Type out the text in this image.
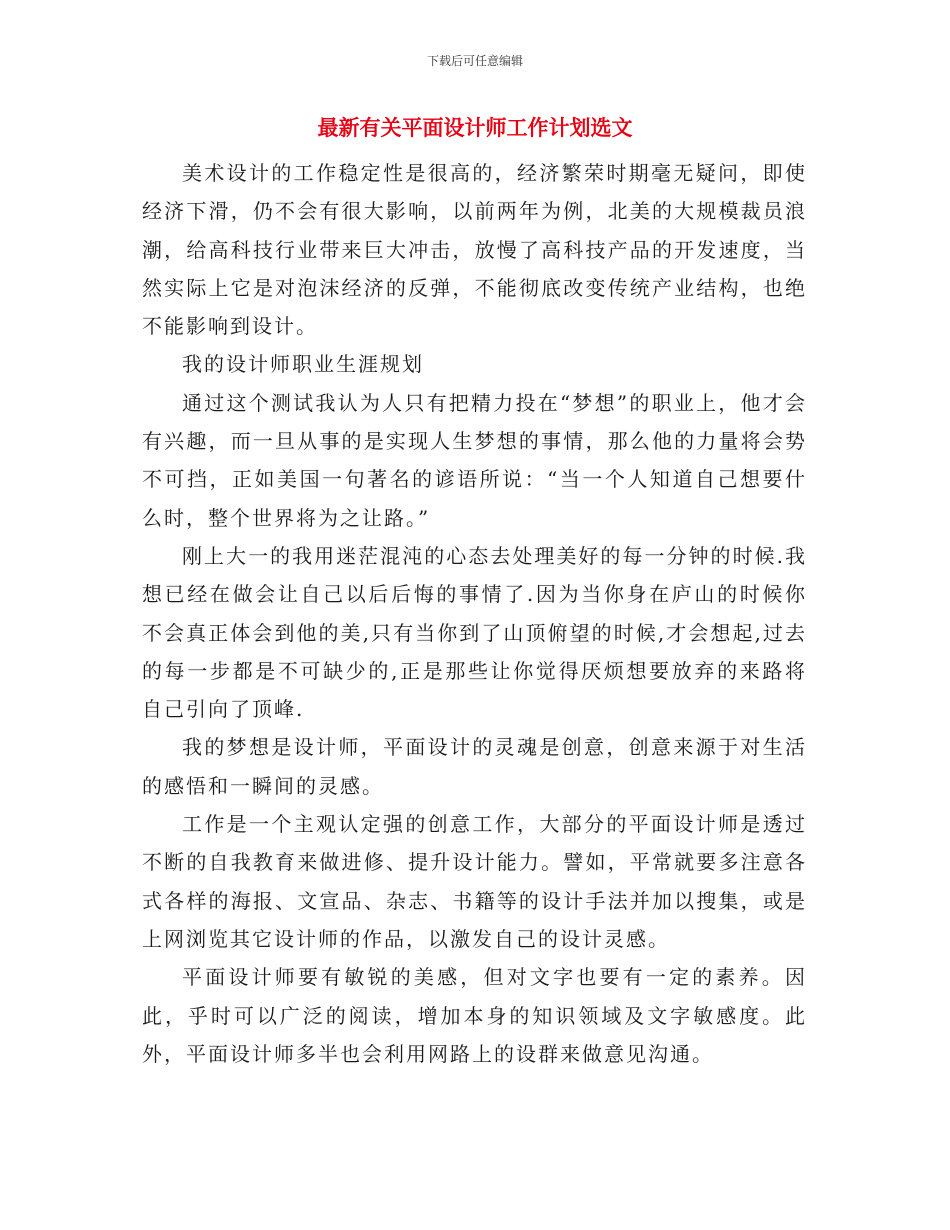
下载后可任意编辑
最新有关平面设计师工作计划选文

美术设计的工作稳定性是很高的，经济繁荣时期毫无疑问，即使经济下滑，仍不会有很大影响，以前两年为例，北美的大规模裁员浪潮，给高科技行业带来巨大冲击，放慢了高科技产品的开发速度，当然实际上它是对泡沫经济的反弹，不能彻底改变传统产业结构，也绝不能影响到设计。

我的设计师职业生涯规划

通过这个测试我认为人只有把精力投在“梦想”的职业上，他才会有兴趣，而一旦从事的是实现人生梦想的事情，那么他的力量将会势不可挡，正如美国一句著名的谚语所说：“当一个人知道自己想要什么时，整个世界将为之让路。”

刚上大一的我用迷茫混沌的心态去处理美好的每一分钟的时候.我想已经在做会让自己以后后悔的事情了.因为当你身在庐山的时候你不会真正体会到他的美,只有当你到了山顶俯望的时候,才会想起,过去的每一步都是不可缺少的,正是那些让你觉得厌烦想要放弃的来路将自己引向了顶峰.

我的梦想是设计师，平面设计的灵魂是创意，创意来源于对生活的感悟和一瞬间的灵感。

工作是一个主观认定强的创意工作，大部分的平面设计师是透过不断的自我教育来做进修、提升设计能力。譬如，平常就要多注意各式各样的海报、文宣品、杂志、书籍等的设计手法并加以搜集，或是上网浏览其它设计师的作品，以激发自己的设计灵感。

平面设计师要有敏锐的美感，但对文字也要有一定的素养。因此，乎时可以广泛的阅读，增加本身的知识领域及文字敏感度。此外，平面设计师多半也会利用网路上的设群来做意见沟通。
